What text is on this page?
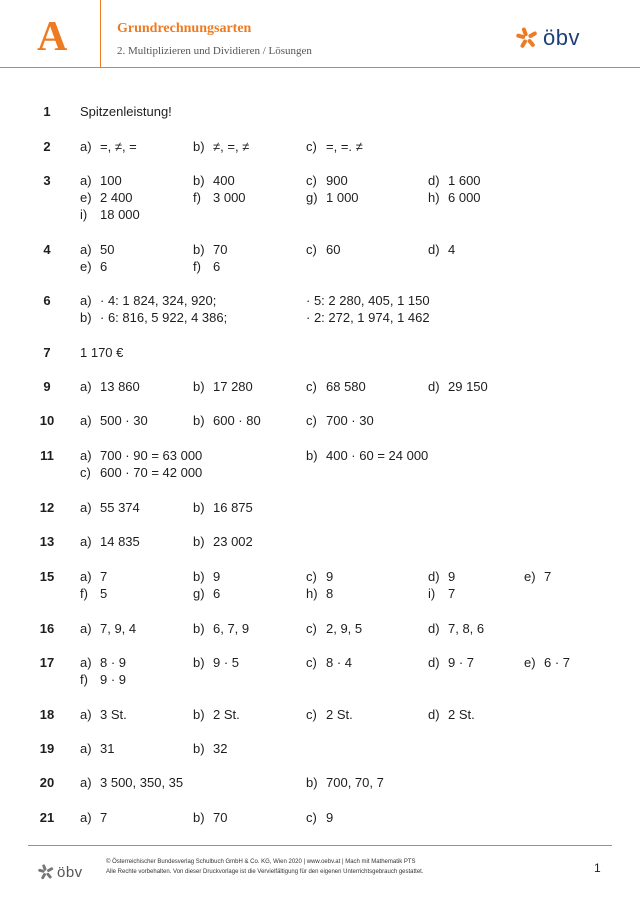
A	Grundrechnungsarten
2. Multiplizieren und Dividieren / Lösungen
öbv
1	Spitzenleistung!
2	a) =, ≠, =	b) ≠, =, ≠	c) =, =. ≠
3	a) 100	b) 400	c) 900	d) 1 600
e) 2 400	f) 3 000	g) 1 000	h) 6 000
i) 18 000
4	a) 50	b) 70	c) 60	d) 4
e) 6	f) 6
6	a) · 4: 1 824, 324, 920;	· 5: 2 280, 405, 1 150
b) · 6: 816, 5 922, 4 386;	· 2: 272, 1 974, 1 462
7	1 170 €
9	a) 13 860	b) 17 280	c) 68 580	d) 29 150
10 a) 500 · 30	b) 600 · 80	c) 700 · 30
11	a) 700 · 90 = 63 000	b) 400 · 60 = 24 000
c) 600 · 70 = 42 000
12 a) 55 374	b) 16 875
13 a) 14 835	b) 23 002
15 a) 7	b) 9	c) 9	d) 9	e) 7
f) 5	g) 6	h) 8	i) 7
16 a) 7, 9, 4	b) 6, 7, 9	c) 2, 9, 5	d) 7, 8, 6
17 a) 8 · 9	b) 9 · 5	c) 8 · 4	d) 9 · 7	e) 6 · 7
f) 9 · 9
18 a) 3 St.	b) 2 St.	c) 2 St.	d) 2 St.
19 a) 31	b) 32
20 a) 3 500, 350, 35	b) 700, 70, 7
21 a) 7	b) 70	c) 9
öbv
© Österreichischer Bundesverlag Schulbuch GmbH & Co. KG, Wien 2020 | www.oebv.at | Mach mit Mathematik PTS
Alle Rechte vorbehalten. Von dieser Druckvorlage ist die Vervielfältigung für den eigenen Unterrichtsgebrauch gestattet.	1
